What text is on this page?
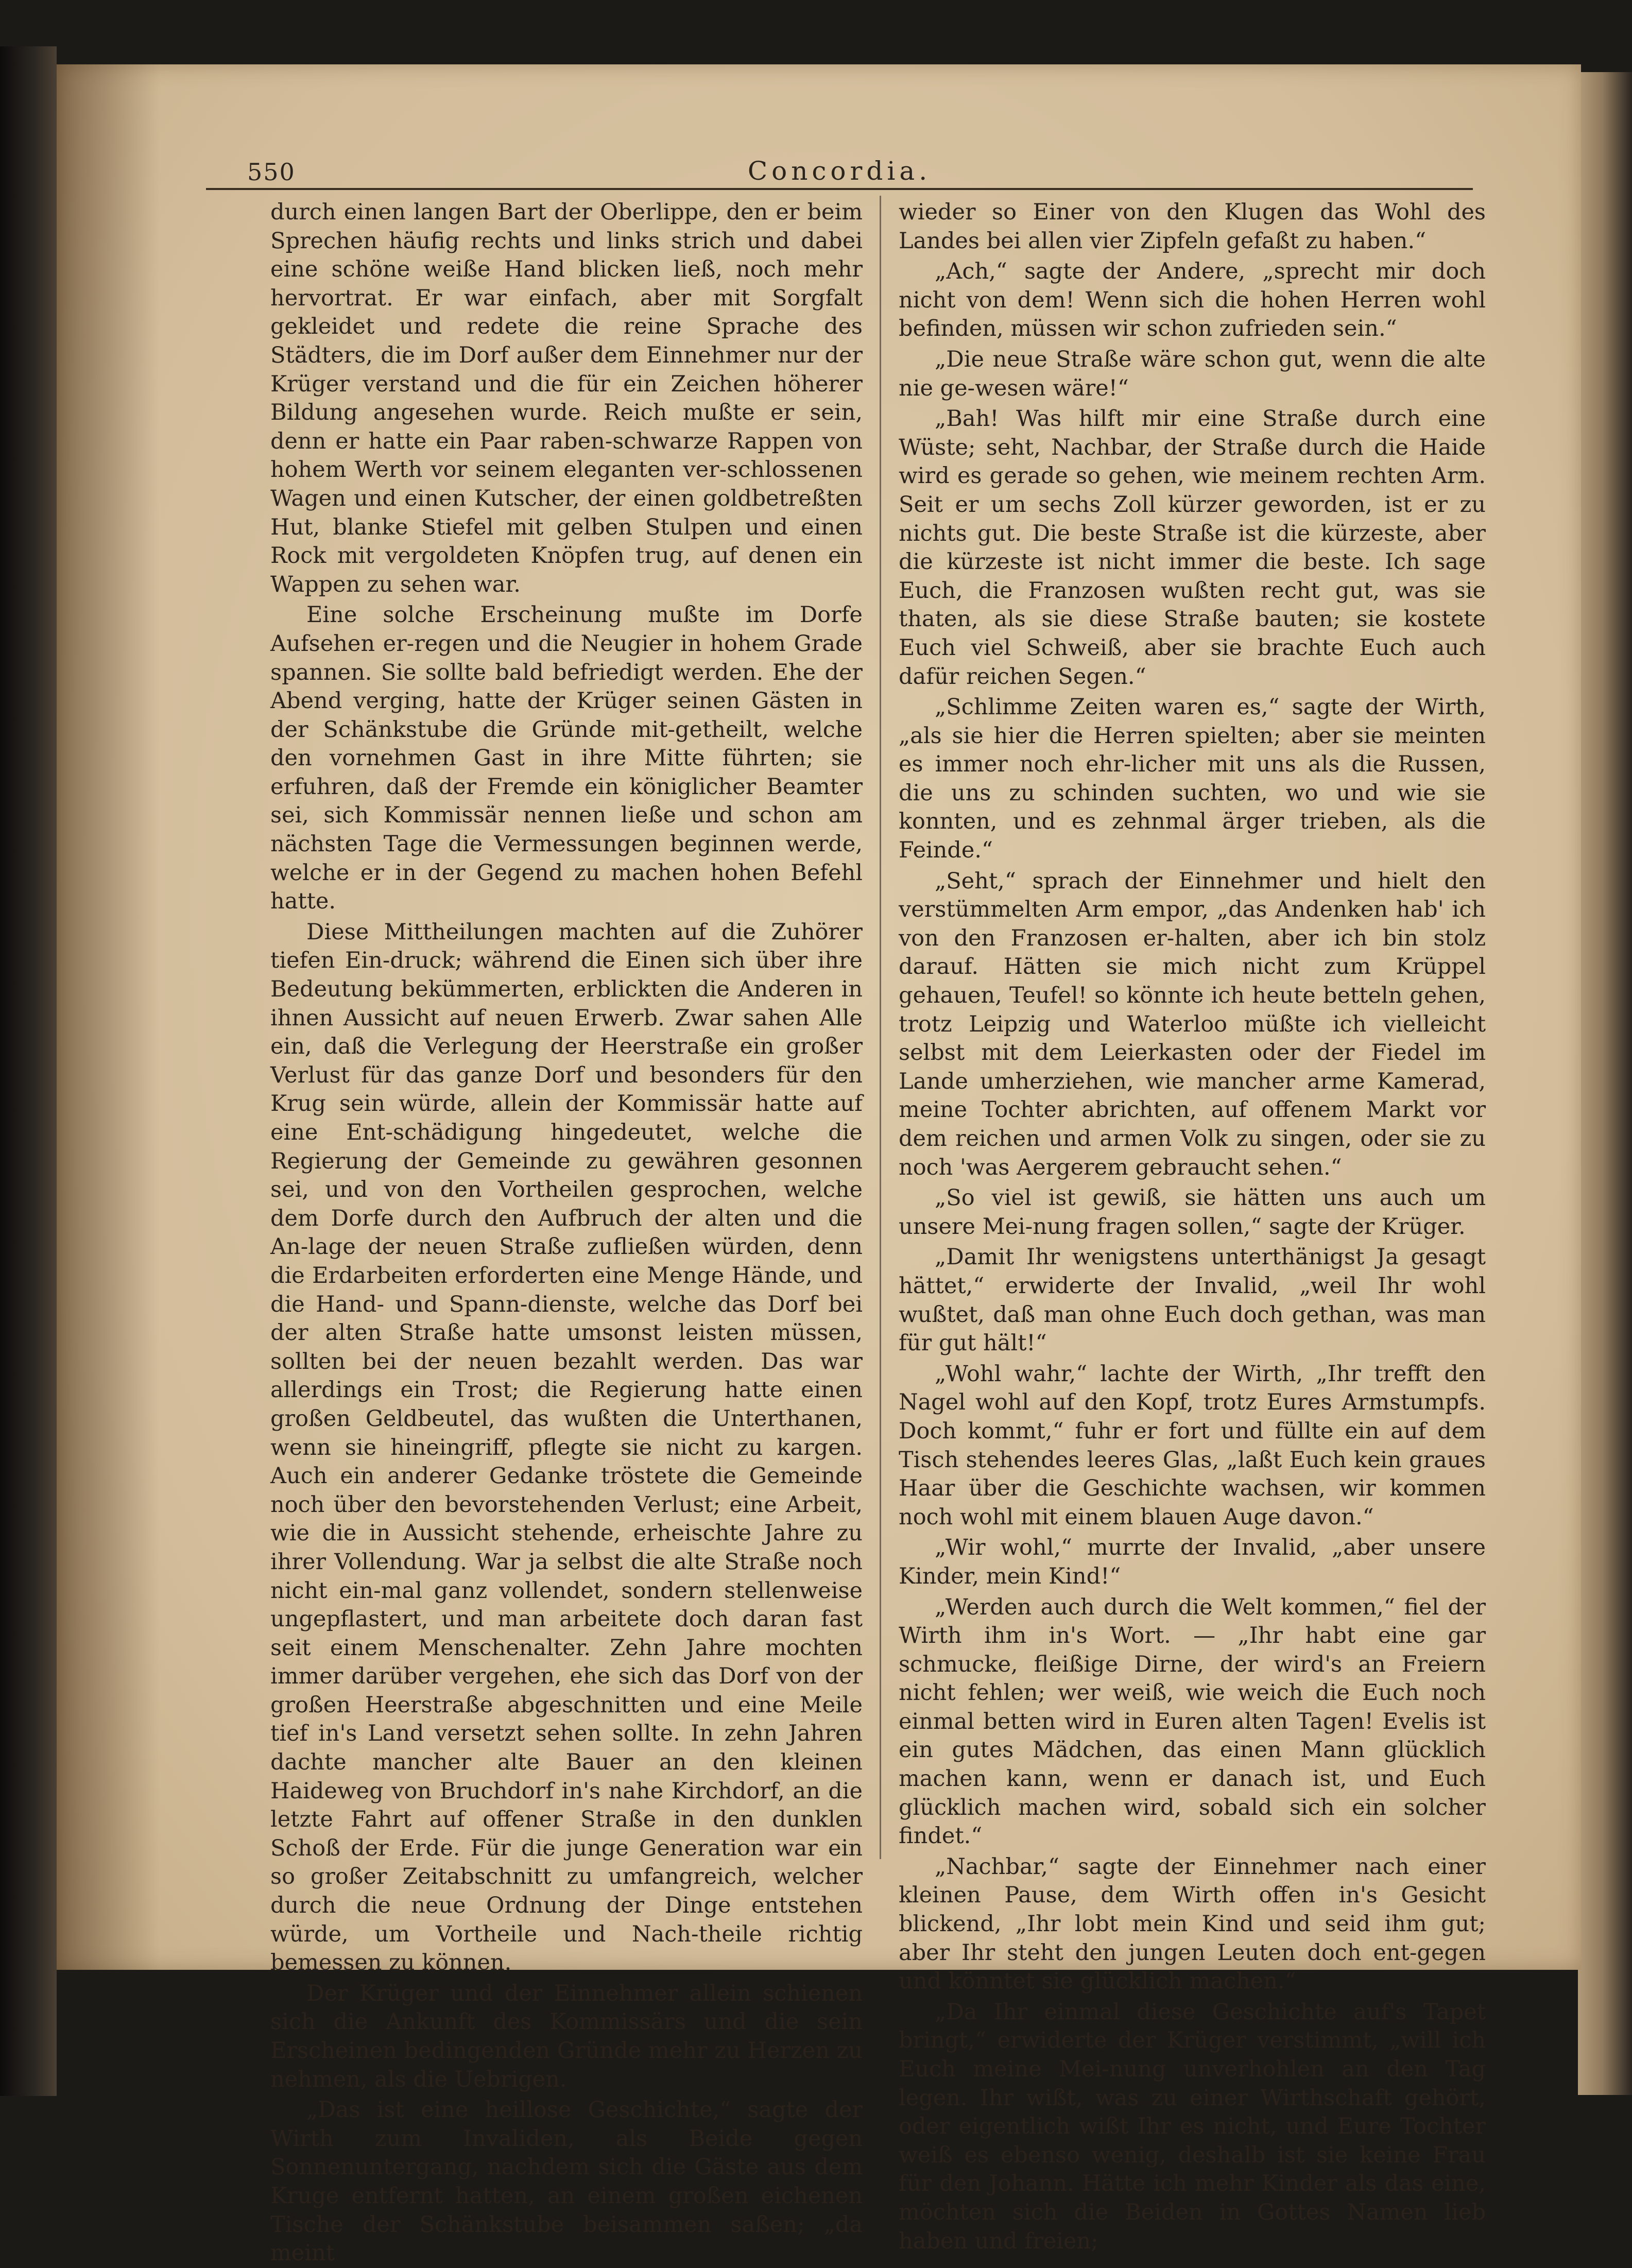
550	Concordia.

durch einen langen Bart der Oberlippe, den er beim Sprechen häufig rechts und links strich und dabei eine schöne weiße Hand blicken ließ, noch mehr hervortrat. Er war einfach, aber mit Sorgfalt gekleidet und redete die reine Sprache des Städters, die im Dorf außer dem Einnehmer nur der Krüger verstand und die für ein Zeichen höherer Bildung angesehen wurde. Reich mußte er sein, denn er hatte ein Paar raben-schwarze Rappen von hohem Werth vor seinem eleganten ver-schlossenen Wagen und einen Kutscher, der einen goldbetreßten Hut, blanke Stiefel mit gelben Stulpen und einen Rock mit vergoldeten Knöpfen trug, auf denen ein Wappen zu sehen war.

Eine solche Erscheinung mußte im Dorfe Aufsehen er-regen und die Neugier in hohem Grade spannen. Sie sollte bald befriedigt werden. Ehe der Abend verging, hatte der Krüger seinen Gästen in der Schänkstube die Gründe mit-getheilt, welche den vornehmen Gast in ihre Mitte führten; sie erfuhren, daß der Fremde ein königlicher Beamter sei, sich Kommissär nennen ließe und schon am nächsten Tage die Vermessungen beginnen werde, welche er in der Gegend zu machen hohen Befehl hatte.

Diese Mittheilungen machten auf die Zuhörer tiefen Ein-druck; während die Einen sich über ihre Bedeutung bekümmerten, erblickten die Anderen in ihnen Aussicht auf neuen Erwerb. Zwar sahen Alle ein, daß die Verlegung der Heerstraße ein großer Verlust für das ganze Dorf und besonders für den Krug sein würde, allein der Kommissär hatte auf eine Ent-schädigung hingedeutet, welche die Regierung der Gemeinde zu gewähren gesonnen sei, und von den Vortheilen gesprochen, welche dem Dorfe durch den Aufbruch der alten und die An-lage der neuen Straße zufließen würden, denn die Erdarbeiten erforderten eine Menge Hände, und die Hand- und Spann-dienste, welche das Dorf bei der alten Straße hatte umsonst leisten müssen, sollten bei der neuen bezahlt werden. Das war allerdings ein Trost; die Regierung hatte einen großen Geldbeutel, das wußten die Unterthanen, wenn sie hineingriff, pflegte sie nicht zu kargen. Auch ein anderer Gedanke tröstete die Gemeinde noch über den bevorstehenden Verlust; eine Arbeit, wie die in Aussicht stehende, erheischte Jahre zu ihrer Vollendung. War ja selbst die alte Straße noch nicht ein-mal ganz vollendet, sondern stellenweise ungepflastert, und man arbeitete doch daran fast seit einem Menschenalter. Zehn Jahre mochten immer darüber vergehen, ehe sich das Dorf von der großen Heerstraße abgeschnitten und eine Meile tief in's Land versetzt sehen sollte. In zehn Jahren dachte mancher alte Bauer an den kleinen Haideweg von Bruchdorf in's nahe Kirchdorf, an die letzte Fahrt auf offener Straße in den dunklen Schoß der Erde. Für die junge Generation war ein so großer Zeitabschnitt zu umfangreich, welcher durch die neue Ordnung der Dinge entstehen würde, um Vortheile und Nach-theile richtig bemessen zu können.

Der Krüger und der Einnehmer allein schienen sich die Ankunft des Kommissärs und die sein Erscheinen bedingenden Gründe mehr zu Herzen zu nehmen, als die Uebrigen.

„Das ist eine heillose Geschichte,“ sagte der Wirth zum Invaliden, als Beide gegen Sonnenuntergang, nachdem sich die Gäste aus dem Kruge entfernt hatten, an einem großen eichenen Tische der Schänkstube beisammen saßen; „da meint

wieder so Einer von den Klugen das Wohl des Landes bei allen vier Zipfeln gefaßt zu haben.“

„Ach,“ sagte der Andere, „sprecht mir doch nicht von dem! Wenn sich die hohen Herren wohl befinden, müssen wir schon zufrieden sein.“

„Die neue Straße wäre schon gut, wenn die alte nie ge-wesen wäre!“

„Bah! Was hilft mir eine Straße durch eine Wüste; seht, Nachbar, der Straße durch die Haide wird es gerade so gehen, wie meinem rechten Arm. Seit er um sechs Zoll kürzer geworden, ist er zu nichts gut. Die beste Straße ist die kürzeste, aber die kürzeste ist nicht immer die beste. Ich sage Euch, die Franzosen wußten recht gut, was sie thaten, als sie diese Straße bauten; sie kostete Euch viel Schweiß, aber sie brachte Euch auch dafür reichen Segen.“

„Schlimme Zeiten waren es,“ sagte der Wirth, „als sie hier die Herren spielten; aber sie meinten es immer noch ehr-licher mit uns als die Russen, die uns zu schinden suchten, wo und wie sie konnten, und es zehnmal ärger trieben, als die Feinde.“

„Seht,“ sprach der Einnehmer und hielt den verstümmelten Arm empor, „das Andenken hab' ich von den Franzosen er-halten, aber ich bin stolz darauf. Hätten sie mich nicht zum Krüppel gehauen, Teufel! so könnte ich heute betteln gehen, trotz Leipzig und Waterloo müßte ich vielleicht selbst mit dem Leierkasten oder der Fiedel im Lande umherziehen, wie mancher arme Kamerad, meine Tochter abrichten, auf offenem Markt vor dem reichen und armen Volk zu singen, oder sie zu noch 'was Aergerem gebraucht sehen.“

„So viel ist gewiß, sie hätten uns auch um unsere Mei-nung fragen sollen,“ sagte der Krüger.

„Damit Ihr wenigstens unterthänigst Ja gesagt hättet,“ erwiderte der Invalid, „weil Ihr wohl wußtet, daß man ohne Euch doch gethan, was man für gut hält!“

„Wohl wahr,“ lachte der Wirth, „Ihr trefft den Nagel wohl auf den Kopf, trotz Eures Armstumpfs. Doch kommt,“ fuhr er fort und füllte ein auf dem Tisch stehendes leeres Glas, „laßt Euch kein graues Haar über die Geschichte wachsen, wir kommen noch wohl mit einem blauen Auge davon.“

„Wir wohl,“ murrte der Invalid, „aber unsere Kinder, mein Kind!“

„Werden auch durch die Welt kommen,“ fiel der Wirth ihm in's Wort. — „Ihr habt eine gar schmucke, fleißige Dirne, der wird's an Freiern nicht fehlen; wer weiß, wie weich die Euch noch einmal betten wird in Euren alten Tagen! Evelis ist ein gutes Mädchen, das einen Mann glücklich machen kann, wenn er danach ist, und Euch glücklich machen wird, sobald sich ein solcher findet.“

„Nachbar,“ sagte der Einnehmer nach einer kleinen Pause, dem Wirth offen in's Gesicht blickend, „Ihr lobt mein Kind und seid ihm gut; aber Ihr steht den jungen Leuten doch ent-gegen und könntet sie glücklich machen.“

„Da Ihr einmal diese Geschichte auf's Tapet bringt,“ erwiderte der Krüger verstimmt, „will ich Euch meine Mei-nung unverhohlen an den Tag legen. Ihr wißt, was zu einer Wirthschaft gehört, oder eigentlich wißt Ihr es nicht, und Eure Tochter weiß es ebenso wenig, deshalb ist sie keine Frau für den Johann. Hätte ich mehr Kinder als das eine, möchten sich die Beiden in Gottes Namen lieb haben und freien;
